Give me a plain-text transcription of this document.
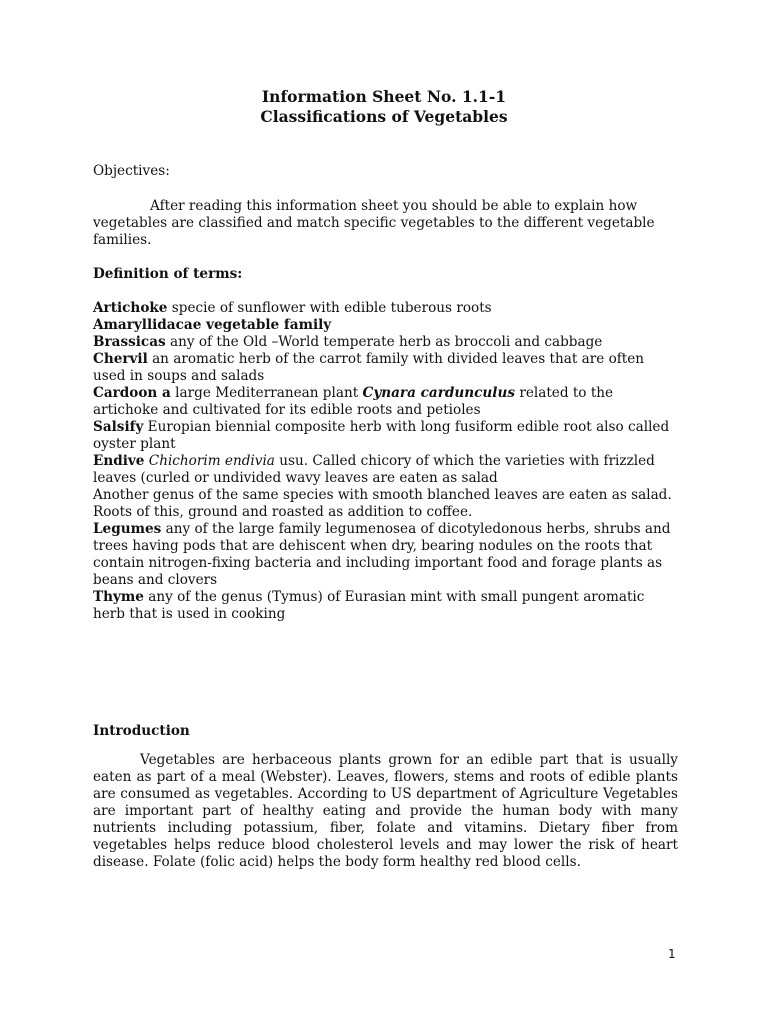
Information Sheet No. 1.1-1
Classifications of Vegetables
Objectives:

After reading this information sheet you should be able to explain how vegetables are classified and match specific vegetables to the different vegetable families.

Definition of terms:

Artichoke specie of sunflower with edible tuberous roots

Amaryllidacae vegetable family

Brassicas any of the Old –World temperate herb as broccoli and cabbage

Chervil an aromatic herb of the carrot family with divided leaves that are often used in soups and salads

Cardoon a large Mediterranean plant Cynara cardunculus related to the artichoke and cultivated for its edible roots and petioles

Salsify Europian biennial composite herb with long fusiform edible root also called oyster plant

Endive Chichorim endivia usu. Called chicory of which the varieties with frizzled leaves (curled or undivided wavy leaves are eaten as salad

Another genus of the same species with smooth blanched leaves are eaten as salad. Roots of this, ground and roasted as addition to coffee.

Legumes any of the large family legumenosea of dicotyledonous herbs, shrubs and trees having pods that are dehiscent when dry, bearing nodules on the roots that contain nitrogen-fixing bacteria and including important food and forage plants as beans and clovers

Thyme any of the genus (Tymus) of Eurasian mint with small pungent aromatic herb that is used in cooking

Introduction

Vegetables are herbaceous plants grown for an edible part that is usually eaten as part of a meal (Webster). Leaves, flowers, stems and roots of edible plants are consumed as vegetables. According to US department of Agriculture Vegetables are important part of healthy eating and provide the human body with many nutrients including potassium, fiber, folate and vitamins. Dietary fiber from vegetables helps reduce blood cholesterol levels and may lower the risk of heart disease. Folate (folic acid) helps the body form healthy red blood cells.

1
